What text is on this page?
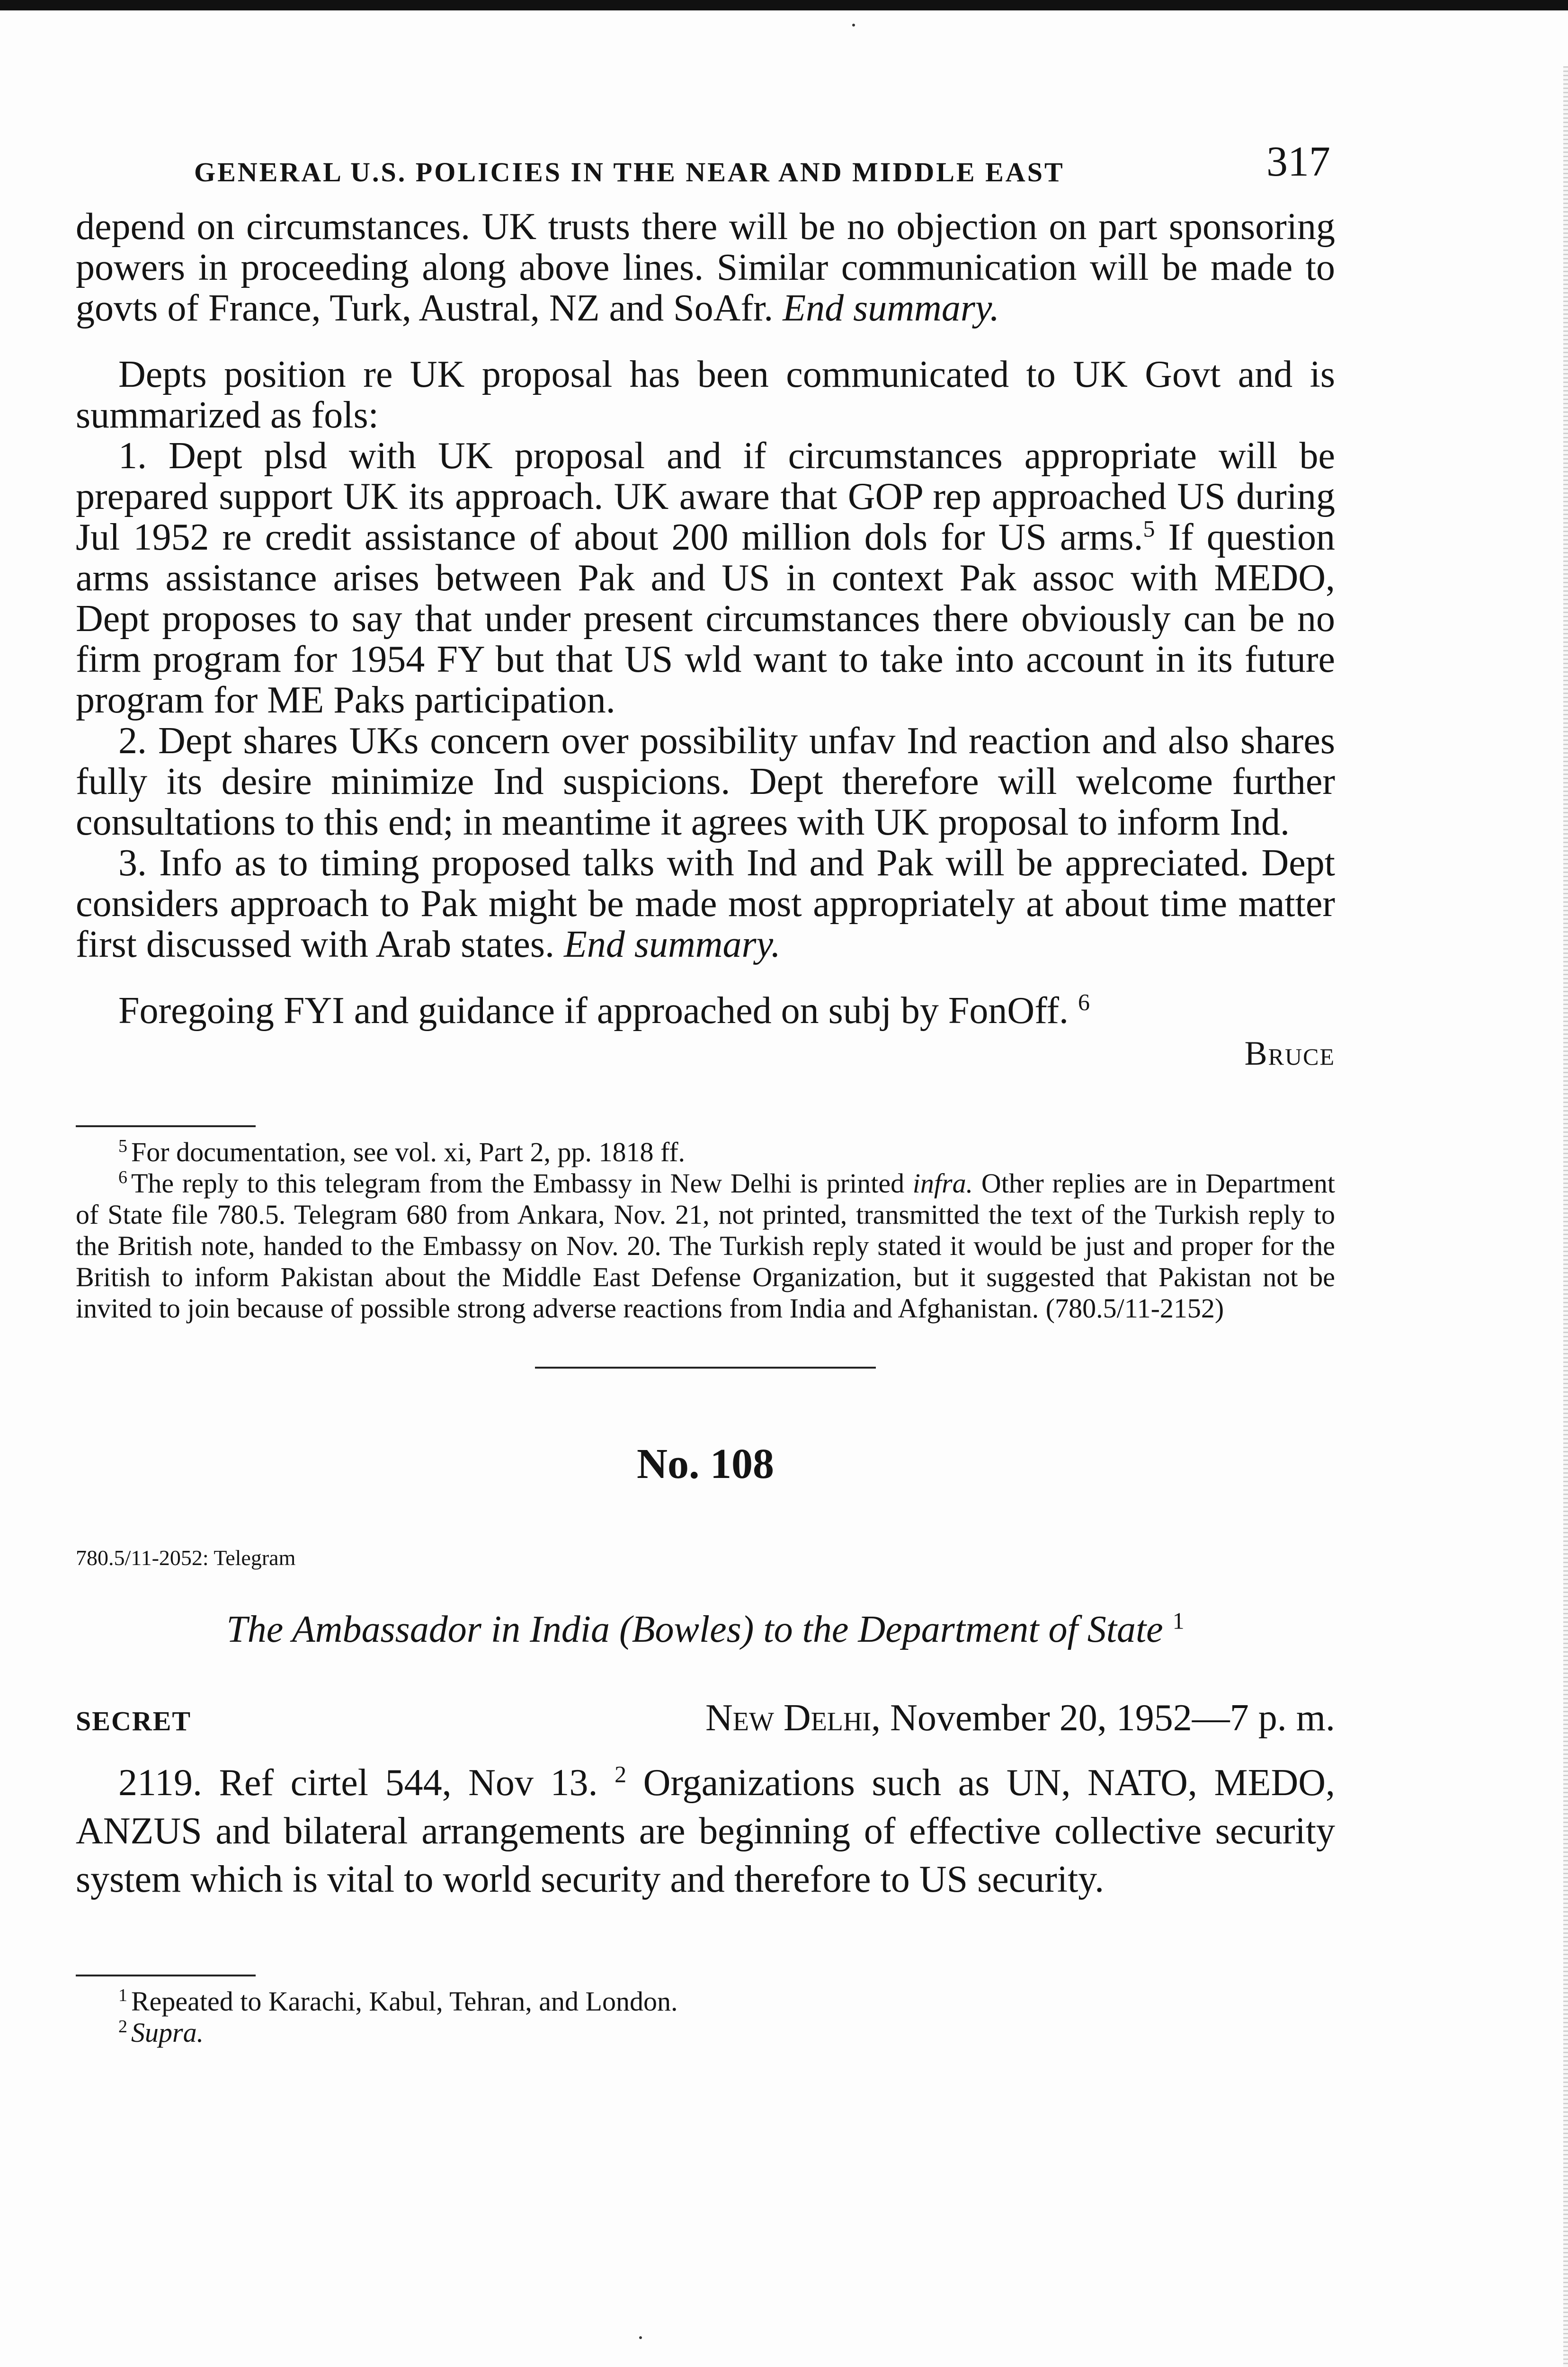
GENERAL U.S. POLICIES IN THE NEAR AND MIDDLE EAST	317

depend on circumstances. UK trusts there will be no objection on part sponsoring powers in proceeding along above lines. Similar communication will be made to govts of France, Turk, Austral, NZ and SoAfr. End summary.

Depts position re UK proposal has been communicated to UK Govt and is summarized as fols:

1. Dept plsd with UK proposal and if circumstances appropriate will be prepared support UK its approach. UK aware that GOP rep approached US during Jul 1952 re credit assistance of about 200 million dols for US arms.$^5$ If question arms assistance arises between Pak and US in context Pak assoc with MEDO, Dept proposes to say that under present circumstances there obviously can be no firm program for 1954 FY but that US wld want to take into account in its future program for ME Paks participation.

2. Dept shares UKs concern over possibility unfav Ind reaction and also shares fully its desire minimize Ind suspicions. Dept therefore will welcome further consultations to this end; in meantime it agrees with UK proposal to inform Ind.

3. Info as to timing proposed talks with Ind and Pak will be appreciated. Dept considers approach to Pak might be made most appropriately at about time matter first discussed with Arab states. End summary.

Foregoing FYI and guidance if approached on subj by FonOff. $^6$

Bruce

$^5$ For documentation, see vol. xi, Part 2, pp. 1818 ff.

$^6$ The reply to this telegram from the Embassy in New Delhi is printed infra. Other replies are in Department of State file 780.5. Telegram 680 from Ankara, Nov. 21, not printed, transmitted the text of the Turkish reply to the British note, handed to the Embassy on Nov. 20. The Turkish reply stated it would be just and proper for the British to inform Pakistan about the Middle East Defense Organization, but it suggested that Pakistan not be invited to join because of possible strong adverse reactions from India and Afghanistan. (780.5/11-2152)

No. 108
780.5/11-2052: Telegram
The Ambassador in India (Bowles) to the Department of State $^1$
SECRET	New Delhi, November 20, 1952—7 p. m.

2119. Ref cirtel 544, Nov 13. $^2$ Organizations such as UN, NATO, MEDO, ANZUS and bilateral arrangements are beginning of effective collective security system which is vital to world security and therefore to US security.

$^1$ Repeated to Karachi, Kabul, Tehran, and London.

$^2$ Supra.
